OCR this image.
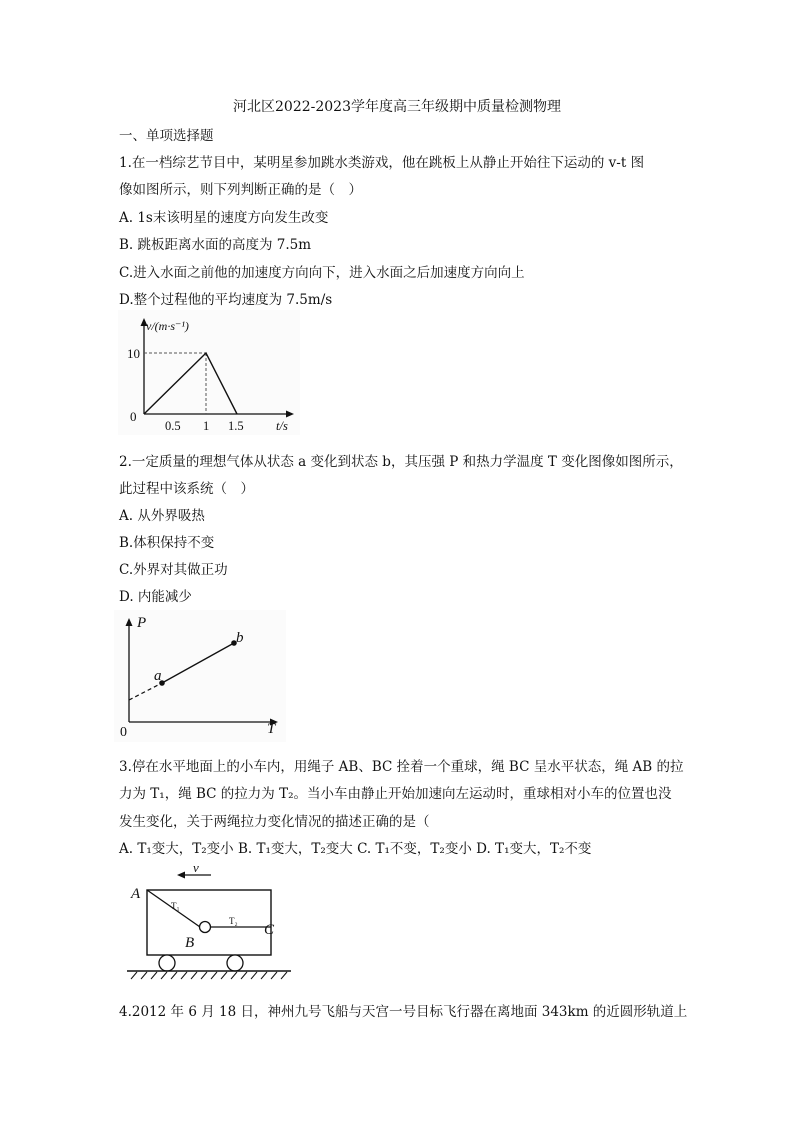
河北区2022-2023学年度高三年级期中质量检测物理
一、单项选择题
1.在一档综艺节目中，某明星参加跳水类游戏，他在跳板上从静止开始往下运动的 v-t 图
像如图所示，则下列判断正确的是（　）
A. 1s末该明星的速度方向发生改变
B. 跳板距离水面的高度为 7.5m
C.进入水面之前他的加速度方向向下，进入水面之后加速度方向向上
D.整个过程他的平均速度为 7.5m/s
v/(m·s⁻¹)
10
0
0.5 1 1.5	t/s
2.一定质量的理想气体从状态 a 变化到状态 b，其压强 P 和热力学温度 T 变化图像如图所示，
此过程中该系统（　）
A. 从外界吸热
B.体积保持不变
C.外界对其做正功
D. 内能减少
a
b
P
T
0
3.停在水平地面上的小车内，用绳子 AB、BC 拴着一个重球，绳 BC 呈水平状态，绳 AB 的拉
力为 T₁，绳 BC 的拉力为 T₂。当小车由静止开始加速向左运动时，重球相对小车的位置也没
发生变化，关于两绳拉力变化情况的描述正确的是（
A. T₁变大，T₂变小 B. T₁变大，T₂变大 C. T₁不变，T₂变小 D. T₁变大，T₂不变
v
A
B
C
T₁
T₂
4.2012 年 6 月 18 日，神州九号飞船与天宫一号目标飞行器在离地面 343km 的近圆形轨道上
